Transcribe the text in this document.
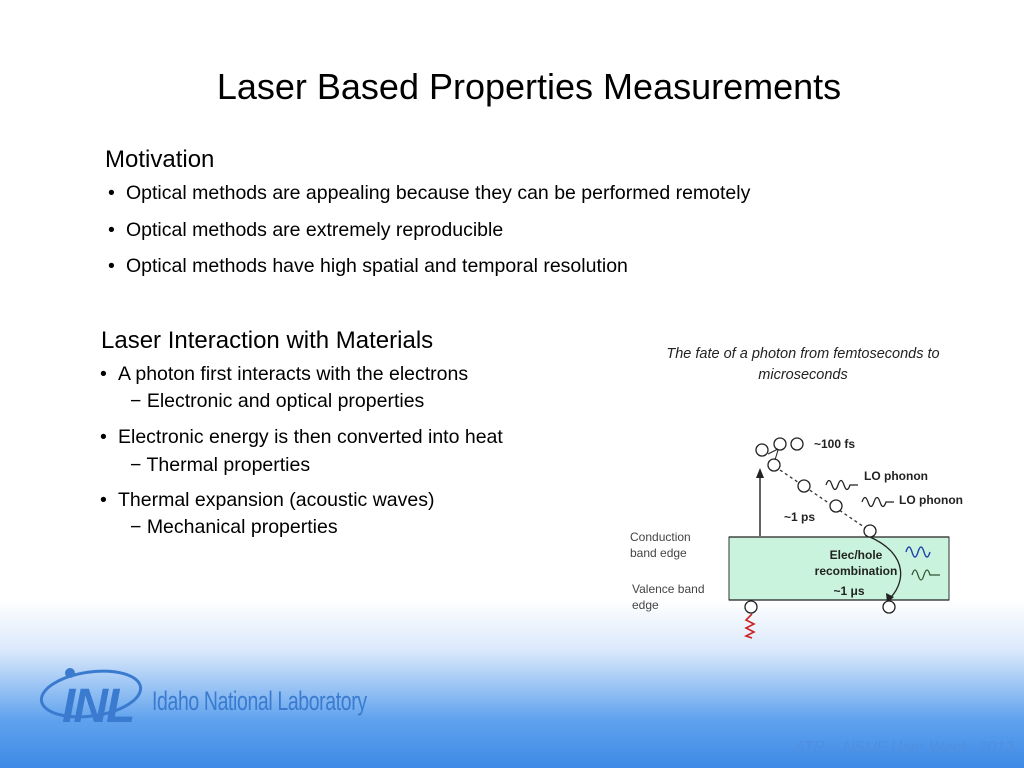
Laser Based Properties Measurements
Motivation
• Optical methods are appealing because they can be performed remotely
• Optical methods are extremely reproducible
• Optical methods have high spatial and temporal resolution
Laser Interaction with Materials
• A photon first interacts with the electrons
− Electronic and optical properties
• Electronic energy is then converted into heat
− Thermal properties
• Thermal expansion (acoustic waves)
− Mechanical properties
The fate of a photon from femtoseconds to microseconds
~100 fs
LO phonon
LO phonon
~1 ps
Conduction
band edge
Valence band
edge
Elec/hole
recombination
~1 μs
INL Idaho National Laboratory
ATR – NSUF User Week, 2012
